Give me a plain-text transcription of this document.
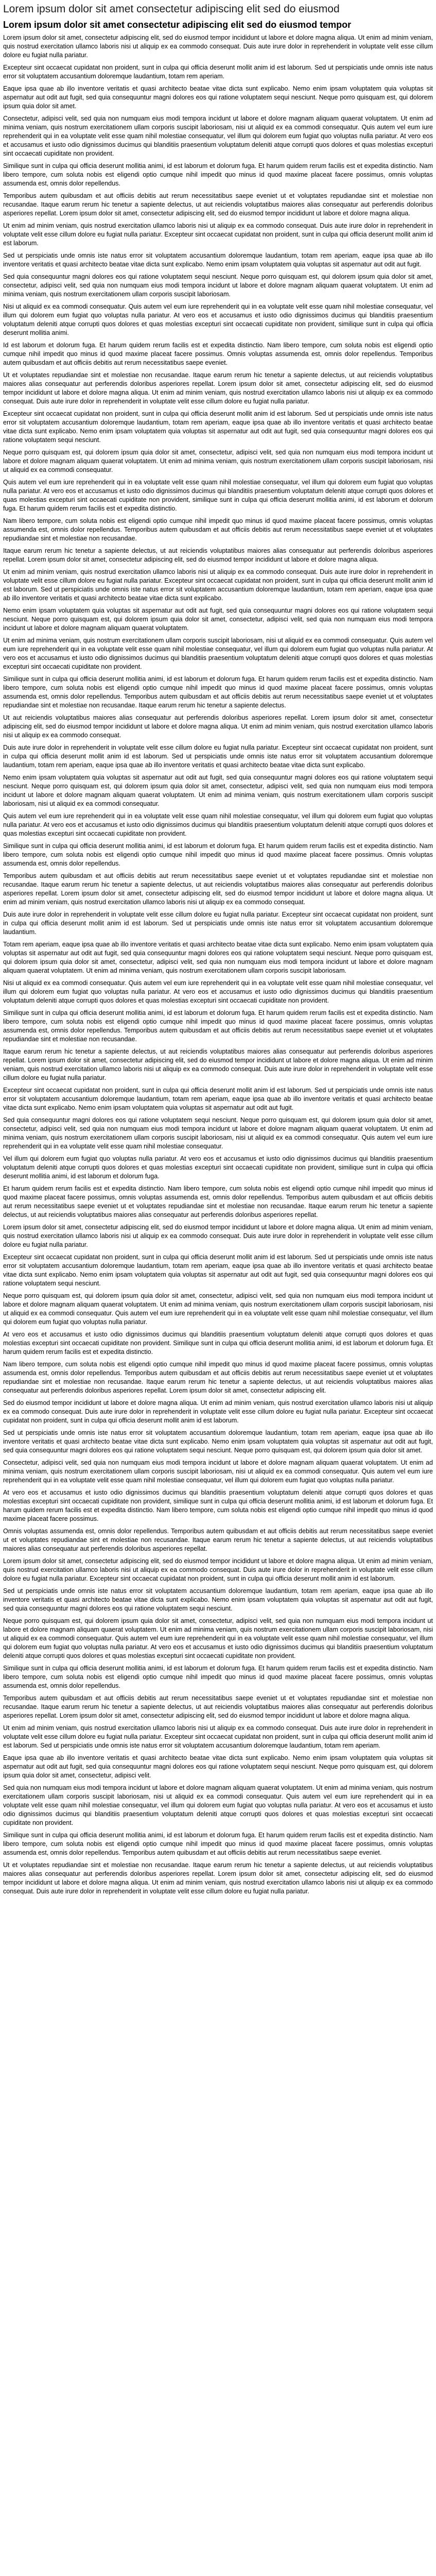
Lorem ipsum dolor sit amet consectetur adipiscing elit sed do eiusmod
Lorem ipsum dolor sit amet consectetur adipiscing elit sed do eiusmod tempor

Lorem ipsum dolor sit amet, consectetur adipiscing elit, sed do eiusmod tempor incididunt ut labore et dolore magna aliqua. Ut enim ad minim veniam, quis nostrud exercitation ullamco laboris nisi ut aliquip ex ea commodo consequat. Duis aute irure dolor in reprehenderit in voluptate velit esse cillum dolore eu fugiat nulla pariatur.

Excepteur sint occaecat cupidatat non proident, sunt in culpa qui officia deserunt mollit anim id est laborum. Sed ut perspiciatis unde omnis iste natus error sit voluptatem accusantium doloremque laudantium, totam rem aperiam.

Eaque ipsa quae ab illo inventore veritatis et quasi architecto beatae vitae dicta sunt explicabo. Nemo enim ipsam voluptatem quia voluptas sit aspernatur aut odit aut fugit, sed quia consequuntur magni dolores eos qui ratione voluptatem sequi nesciunt. Neque porro quisquam est, qui dolorem ipsum quia dolor sit amet.

Consectetur, adipisci velit, sed quia non numquam eius modi tempora incidunt ut labore et dolore magnam aliquam quaerat voluptatem. Ut enim ad minima veniam, quis nostrum exercitationem ullam corporis suscipit laboriosam, nisi ut aliquid ex ea commodi consequatur. Quis autem vel eum iure reprehenderit qui in ea voluptate velit esse quam nihil molestiae consequatur, vel illum qui dolorem eum fugiat quo voluptas nulla pariatur. At vero eos et accusamus et iusto odio dignissimos ducimus qui blanditiis praesentium voluptatum deleniti atque corrupti quos dolores et quas molestias excepturi sint occaecati cupiditate non provident.

Similique sunt in culpa qui officia deserunt mollitia animi, id est laborum et dolorum fuga. Et harum quidem rerum facilis est et expedita distinctio. Nam libero tempore, cum soluta nobis est eligendi optio cumque nihil impedit quo minus id quod maxime placeat facere possimus, omnis voluptas assumenda est, omnis dolor repellendus.

Temporibus autem quibusdam et aut officiis debitis aut rerum necessitatibus saepe eveniet ut et voluptates repudiandae sint et molestiae non recusandae. Itaque earum rerum hic tenetur a sapiente delectus, ut aut reiciendis voluptatibus maiores alias consequatur aut perferendis doloribus asperiores repellat. Lorem ipsum dolor sit amet, consectetur adipiscing elit, sed do eiusmod tempor incididunt ut labore et dolore magna aliqua.

Ut enim ad minim veniam, quis nostrud exercitation ullamco laboris nisi ut aliquip ex ea commodo consequat. Duis aute irure dolor in reprehenderit in voluptate velit esse cillum dolore eu fugiat nulla pariatur. Excepteur sint occaecat cupidatat non proident, sunt in culpa qui officia deserunt mollit anim id est laborum.

Sed ut perspiciatis unde omnis iste natus error sit voluptatem accusantium doloremque laudantium, totam rem aperiam, eaque ipsa quae ab illo inventore veritatis et quasi architecto beatae vitae dicta sunt explicabo. Nemo enim ipsam voluptatem quia voluptas sit aspernatur aut odit aut fugit.

Sed quia consequuntur magni dolores eos qui ratione voluptatem sequi nesciunt. Neque porro quisquam est, qui dolorem ipsum quia dolor sit amet, consectetur, adipisci velit, sed quia non numquam eius modi tempora incidunt ut labore et dolore magnam aliquam quaerat voluptatem. Ut enim ad minima veniam, quis nostrum exercitationem ullam corporis suscipit laboriosam.

Nisi ut aliquid ex ea commodi consequatur. Quis autem vel eum iure reprehenderit qui in ea voluptate velit esse quam nihil molestiae consequatur, vel illum qui dolorem eum fugiat quo voluptas nulla pariatur. At vero eos et accusamus et iusto odio dignissimos ducimus qui blanditiis praesentium voluptatum deleniti atque corrupti quos dolores et quas molestias excepturi sint occaecati cupiditate non provident, similique sunt in culpa qui officia deserunt mollitia animi.

Id est laborum et dolorum fuga. Et harum quidem rerum facilis est et expedita distinctio. Nam libero tempore, cum soluta nobis est eligendi optio cumque nihil impedit quo minus id quod maxime placeat facere possimus. Omnis voluptas assumenda est, omnis dolor repellendus. Temporibus autem quibusdam et aut officiis debitis aut rerum necessitatibus saepe eveniet.

Ut et voluptates repudiandae sint et molestiae non recusandae. Itaque earum rerum hic tenetur a sapiente delectus, ut aut reiciendis voluptatibus maiores alias consequatur aut perferendis doloribus asperiores repellat. Lorem ipsum dolor sit amet, consectetur adipiscing elit, sed do eiusmod tempor incididunt ut labore et dolore magna aliqua. Ut enim ad minim veniam, quis nostrud exercitation ullamco laboris nisi ut aliquip ex ea commodo consequat. Duis aute irure dolor in reprehenderit in voluptate velit esse cillum dolore eu fugiat nulla pariatur.

Excepteur sint occaecat cupidatat non proident, sunt in culpa qui officia deserunt mollit anim id est laborum. Sed ut perspiciatis unde omnis iste natus error sit voluptatem accusantium doloremque laudantium, totam rem aperiam, eaque ipsa quae ab illo inventore veritatis et quasi architecto beatae vitae dicta sunt explicabo. Nemo enim ipsam voluptatem quia voluptas sit aspernatur aut odit aut fugit, sed quia consequuntur magni dolores eos qui ratione voluptatem sequi nesciunt.

Neque porro quisquam est, qui dolorem ipsum quia dolor sit amet, consectetur, adipisci velit, sed quia non numquam eius modi tempora incidunt ut labore et dolore magnam aliquam quaerat voluptatem. Ut enim ad minima veniam, quis nostrum exercitationem ullam corporis suscipit laboriosam, nisi ut aliquid ex ea commodi consequatur.

Quis autem vel eum iure reprehenderit qui in ea voluptate velit esse quam nihil molestiae consequatur, vel illum qui dolorem eum fugiat quo voluptas nulla pariatur. At vero eos et accusamus et iusto odio dignissimos ducimus qui blanditiis praesentium voluptatum deleniti atque corrupti quos dolores et quas molestias excepturi sint occaecati cupiditate non provident, similique sunt in culpa qui officia deserunt mollitia animi, id est laborum et dolorum fuga. Et harum quidem rerum facilis est et expedita distinctio.

Nam libero tempore, cum soluta nobis est eligendi optio cumque nihil impedit quo minus id quod maxime placeat facere possimus, omnis voluptas assumenda est, omnis dolor repellendus. Temporibus autem quibusdam et aut officiis debitis aut rerum necessitatibus saepe eveniet ut et voluptates repudiandae sint et molestiae non recusandae.

Itaque earum rerum hic tenetur a sapiente delectus, ut aut reiciendis voluptatibus maiores alias consequatur aut perferendis doloribus asperiores repellat. Lorem ipsum dolor sit amet, consectetur adipiscing elit, sed do eiusmod tempor incididunt ut labore et dolore magna aliqua.

Ut enim ad minim veniam, quis nostrud exercitation ullamco laboris nisi ut aliquip ex ea commodo consequat. Duis aute irure dolor in reprehenderit in voluptate velit esse cillum dolore eu fugiat nulla pariatur. Excepteur sint occaecat cupidatat non proident, sunt in culpa qui officia deserunt mollit anim id est laborum. Sed ut perspiciatis unde omnis iste natus error sit voluptatem accusantium doloremque laudantium, totam rem aperiam, eaque ipsa quae ab illo inventore veritatis et quasi architecto beatae vitae dicta sunt explicabo.

Nemo enim ipsam voluptatem quia voluptas sit aspernatur aut odit aut fugit, sed quia consequuntur magni dolores eos qui ratione voluptatem sequi nesciunt. Neque porro quisquam est, qui dolorem ipsum quia dolor sit amet, consectetur, adipisci velit, sed quia non numquam eius modi tempora incidunt ut labore et dolore magnam aliquam quaerat voluptatem.

Ut enim ad minima veniam, quis nostrum exercitationem ullam corporis suscipit laboriosam, nisi ut aliquid ex ea commodi consequatur. Quis autem vel eum iure reprehenderit qui in ea voluptate velit esse quam nihil molestiae consequatur, vel illum qui dolorem eum fugiat quo voluptas nulla pariatur. At vero eos et accusamus et iusto odio dignissimos ducimus qui blanditiis praesentium voluptatum deleniti atque corrupti quos dolores et quas molestias excepturi sint occaecati cupiditate non provident.

Similique sunt in culpa qui officia deserunt mollitia animi, id est laborum et dolorum fuga. Et harum quidem rerum facilis est et expedita distinctio. Nam libero tempore, cum soluta nobis est eligendi optio cumque nihil impedit quo minus id quod maxime placeat facere possimus, omnis voluptas assumenda est, omnis dolor repellendus. Temporibus autem quibusdam et aut officiis debitis aut rerum necessitatibus saepe eveniet ut et voluptates repudiandae sint et molestiae non recusandae. Itaque earum rerum hic tenetur a sapiente delectus.

Ut aut reiciendis voluptatibus maiores alias consequatur aut perferendis doloribus asperiores repellat. Lorem ipsum dolor sit amet, consectetur adipiscing elit, sed do eiusmod tempor incididunt ut labore et dolore magna aliqua. Ut enim ad minim veniam, quis nostrud exercitation ullamco laboris nisi ut aliquip ex ea commodo consequat.

Duis aute irure dolor in reprehenderit in voluptate velit esse cillum dolore eu fugiat nulla pariatur. Excepteur sint occaecat cupidatat non proident, sunt in culpa qui officia deserunt mollit anim id est laborum. Sed ut perspiciatis unde omnis iste natus error sit voluptatem accusantium doloremque laudantium, totam rem aperiam, eaque ipsa quae ab illo inventore veritatis et quasi architecto beatae vitae dicta sunt explicabo.

Nemo enim ipsam voluptatem quia voluptas sit aspernatur aut odit aut fugit, sed quia consequuntur magni dolores eos qui ratione voluptatem sequi nesciunt. Neque porro quisquam est, qui dolorem ipsum quia dolor sit amet, consectetur, adipisci velit, sed quia non numquam eius modi tempora incidunt ut labore et dolore magnam aliquam quaerat voluptatem. Ut enim ad minima veniam, quis nostrum exercitationem ullam corporis suscipit laboriosam, nisi ut aliquid ex ea commodi consequatur.

Quis autem vel eum iure reprehenderit qui in ea voluptate velit esse quam nihil molestiae consequatur, vel illum qui dolorem eum fugiat quo voluptas nulla pariatur. At vero eos et accusamus et iusto odio dignissimos ducimus qui blanditiis praesentium voluptatum deleniti atque corrupti quos dolores et quas molestias excepturi sint occaecati cupiditate non provident.

Similique sunt in culpa qui officia deserunt mollitia animi, id est laborum et dolorum fuga. Et harum quidem rerum facilis est et expedita distinctio. Nam libero tempore, cum soluta nobis est eligendi optio cumque nihil impedit quo minus id quod maxime placeat facere possimus. Omnis voluptas assumenda est, omnis dolor repellendus.

Temporibus autem quibusdam et aut officiis debitis aut rerum necessitatibus saepe eveniet ut et voluptates repudiandae sint et molestiae non recusandae. Itaque earum rerum hic tenetur a sapiente delectus, ut aut reiciendis voluptatibus maiores alias consequatur aut perferendis doloribus asperiores repellat. Lorem ipsum dolor sit amet, consectetur adipiscing elit, sed do eiusmod tempor incididunt ut labore et dolore magna aliqua. Ut enim ad minim veniam, quis nostrud exercitation ullamco laboris nisi ut aliquip ex ea commodo consequat.

Duis aute irure dolor in reprehenderit in voluptate velit esse cillum dolore eu fugiat nulla pariatur. Excepteur sint occaecat cupidatat non proident, sunt in culpa qui officia deserunt mollit anim id est laborum. Sed ut perspiciatis unde omnis iste natus error sit voluptatem accusantium doloremque laudantium.

Totam rem aperiam, eaque ipsa quae ab illo inventore veritatis et quasi architecto beatae vitae dicta sunt explicabo. Nemo enim ipsam voluptatem quia voluptas sit aspernatur aut odit aut fugit, sed quia consequuntur magni dolores eos qui ratione voluptatem sequi nesciunt. Neque porro quisquam est, qui dolorem ipsum quia dolor sit amet, consectetur, adipisci velit, sed quia non numquam eius modi tempora incidunt ut labore et dolore magnam aliquam quaerat voluptatem. Ut enim ad minima veniam, quis nostrum exercitationem ullam corporis suscipit laboriosam.

Nisi ut aliquid ex ea commodi consequatur. Quis autem vel eum iure reprehenderit qui in ea voluptate velit esse quam nihil molestiae consequatur, vel illum qui dolorem eum fugiat quo voluptas nulla pariatur. At vero eos et accusamus et iusto odio dignissimos ducimus qui blanditiis praesentium voluptatum deleniti atque corrupti quos dolores et quas molestias excepturi sint occaecati cupiditate non provident.

Similique sunt in culpa qui officia deserunt mollitia animi, id est laborum et dolorum fuga. Et harum quidem rerum facilis est et expedita distinctio. Nam libero tempore, cum soluta nobis est eligendi optio cumque nihil impedit quo minus id quod maxime placeat facere possimus, omnis voluptas assumenda est, omnis dolor repellendus. Temporibus autem quibusdam et aut officiis debitis aut rerum necessitatibus saepe eveniet ut et voluptates repudiandae sint et molestiae non recusandae.

Itaque earum rerum hic tenetur a sapiente delectus, ut aut reiciendis voluptatibus maiores alias consequatur aut perferendis doloribus asperiores repellat. Lorem ipsum dolor sit amet, consectetur adipiscing elit, sed do eiusmod tempor incididunt ut labore et dolore magna aliqua. Ut enim ad minim veniam, quis nostrud exercitation ullamco laboris nisi ut aliquip ex ea commodo consequat. Duis aute irure dolor in reprehenderit in voluptate velit esse cillum dolore eu fugiat nulla pariatur.

Excepteur sint occaecat cupidatat non proident, sunt in culpa qui officia deserunt mollit anim id est laborum. Sed ut perspiciatis unde omnis iste natus error sit voluptatem accusantium doloremque laudantium, totam rem aperiam, eaque ipsa quae ab illo inventore veritatis et quasi architecto beatae vitae dicta sunt explicabo. Nemo enim ipsam voluptatem quia voluptas sit aspernatur aut odit aut fugit.

Sed quia consequuntur magni dolores eos qui ratione voluptatem sequi nesciunt. Neque porro quisquam est, qui dolorem ipsum quia dolor sit amet, consectetur, adipisci velit, sed quia non numquam eius modi tempora incidunt ut labore et dolore magnam aliquam quaerat voluptatem. Ut enim ad minima veniam, quis nostrum exercitationem ullam corporis suscipit laboriosam, nisi ut aliquid ex ea commodi consequatur. Quis autem vel eum iure reprehenderit qui in ea voluptate velit esse quam nihil molestiae consequatur.

Vel illum qui dolorem eum fugiat quo voluptas nulla pariatur. At vero eos et accusamus et iusto odio dignissimos ducimus qui blanditiis praesentium voluptatum deleniti atque corrupti quos dolores et quas molestias excepturi sint occaecati cupiditate non provident, similique sunt in culpa qui officia deserunt mollitia animi, id est laborum et dolorum fuga.

Et harum quidem rerum facilis est et expedita distinctio. Nam libero tempore, cum soluta nobis est eligendi optio cumque nihil impedit quo minus id quod maxime placeat facere possimus, omnis voluptas assumenda est, omnis dolor repellendus. Temporibus autem quibusdam et aut officiis debitis aut rerum necessitatibus saepe eveniet ut et voluptates repudiandae sint et molestiae non recusandae. Itaque earum rerum hic tenetur a sapiente delectus, ut aut reiciendis voluptatibus maiores alias consequatur aut perferendis doloribus asperiores repellat.

Lorem ipsum dolor sit amet, consectetur adipiscing elit, sed do eiusmod tempor incididunt ut labore et dolore magna aliqua. Ut enim ad minim veniam, quis nostrud exercitation ullamco laboris nisi ut aliquip ex ea commodo consequat. Duis aute irure dolor in reprehenderit in voluptate velit esse cillum dolore eu fugiat nulla pariatur.

Excepteur sint occaecat cupidatat non proident, sunt in culpa qui officia deserunt mollit anim id est laborum. Sed ut perspiciatis unde omnis iste natus error sit voluptatem accusantium doloremque laudantium, totam rem aperiam, eaque ipsa quae ab illo inventore veritatis et quasi architecto beatae vitae dicta sunt explicabo. Nemo enim ipsam voluptatem quia voluptas sit aspernatur aut odit aut fugit, sed quia consequuntur magni dolores eos qui ratione voluptatem sequi nesciunt.

Neque porro quisquam est, qui dolorem ipsum quia dolor sit amet, consectetur, adipisci velit, sed quia non numquam eius modi tempora incidunt ut labore et dolore magnam aliquam quaerat voluptatem. Ut enim ad minima veniam, quis nostrum exercitationem ullam corporis suscipit laboriosam, nisi ut aliquid ex ea commodi consequatur. Quis autem vel eum iure reprehenderit qui in ea voluptate velit esse quam nihil molestiae consequatur, vel illum qui dolorem eum fugiat quo voluptas nulla pariatur.

At vero eos et accusamus et iusto odio dignissimos ducimus qui blanditiis praesentium voluptatum deleniti atque corrupti quos dolores et quas molestias excepturi sint occaecati cupiditate non provident. Similique sunt in culpa qui officia deserunt mollitia animi, id est laborum et dolorum fuga. Et harum quidem rerum facilis est et expedita distinctio.

Nam libero tempore, cum soluta nobis est eligendi optio cumque nihil impedit quo minus id quod maxime placeat facere possimus, omnis voluptas assumenda est, omnis dolor repellendus. Temporibus autem quibusdam et aut officiis debitis aut rerum necessitatibus saepe eveniet ut et voluptates repudiandae sint et molestiae non recusandae. Itaque earum rerum hic tenetur a sapiente delectus, ut aut reiciendis voluptatibus maiores alias consequatur aut perferendis doloribus asperiores repellat. Lorem ipsum dolor sit amet, consectetur adipiscing elit.

Sed do eiusmod tempor incididunt ut labore et dolore magna aliqua. Ut enim ad minim veniam, quis nostrud exercitation ullamco laboris nisi ut aliquip ex ea commodo consequat. Duis aute irure dolor in reprehenderit in voluptate velit esse cillum dolore eu fugiat nulla pariatur. Excepteur sint occaecat cupidatat non proident, sunt in culpa qui officia deserunt mollit anim id est laborum.

Sed ut perspiciatis unde omnis iste natus error sit voluptatem accusantium doloremque laudantium, totam rem aperiam, eaque ipsa quae ab illo inventore veritatis et quasi architecto beatae vitae dicta sunt explicabo. Nemo enim ipsam voluptatem quia voluptas sit aspernatur aut odit aut fugit, sed quia consequuntur magni dolores eos qui ratione voluptatem sequi nesciunt. Neque porro quisquam est, qui dolorem ipsum quia dolor sit amet.

Consectetur, adipisci velit, sed quia non numquam eius modi tempora incidunt ut labore et dolore magnam aliquam quaerat voluptatem. Ut enim ad minima veniam, quis nostrum exercitationem ullam corporis suscipit laboriosam, nisi ut aliquid ex ea commodi consequatur. Quis autem vel eum iure reprehenderit qui in ea voluptate velit esse quam nihil molestiae consequatur, vel illum qui dolorem eum fugiat quo voluptas nulla pariatur.

At vero eos et accusamus et iusto odio dignissimos ducimus qui blanditiis praesentium voluptatum deleniti atque corrupti quos dolores et quas molestias excepturi sint occaecati cupiditate non provident, similique sunt in culpa qui officia deserunt mollitia animi, id est laborum et dolorum fuga. Et harum quidem rerum facilis est et expedita distinctio. Nam libero tempore, cum soluta nobis est eligendi optio cumque nihil impedit quo minus id quod maxime placeat facere possimus.

Omnis voluptas assumenda est, omnis dolor repellendus. Temporibus autem quibusdam et aut officiis debitis aut rerum necessitatibus saepe eveniet ut et voluptates repudiandae sint et molestiae non recusandae. Itaque earum rerum hic tenetur a sapiente delectus, ut aut reiciendis voluptatibus maiores alias consequatur aut perferendis doloribus asperiores repellat.

Lorem ipsum dolor sit amet, consectetur adipiscing elit, sed do eiusmod tempor incididunt ut labore et dolore magna aliqua. Ut enim ad minim veniam, quis nostrud exercitation ullamco laboris nisi ut aliquip ex ea commodo consequat. Duis aute irure dolor in reprehenderit in voluptate velit esse cillum dolore eu fugiat nulla pariatur. Excepteur sint occaecat cupidatat non proident, sunt in culpa qui officia deserunt mollit anim id est laborum.

Sed ut perspiciatis unde omnis iste natus error sit voluptatem accusantium doloremque laudantium, totam rem aperiam, eaque ipsa quae ab illo inventore veritatis et quasi architecto beatae vitae dicta sunt explicabo. Nemo enim ipsam voluptatem quia voluptas sit aspernatur aut odit aut fugit, sed quia consequuntur magni dolores eos qui ratione voluptatem sequi nesciunt.

Neque porro quisquam est, qui dolorem ipsum quia dolor sit amet, consectetur, adipisci velit, sed quia non numquam eius modi tempora incidunt ut labore et dolore magnam aliquam quaerat voluptatem. Ut enim ad minima veniam, quis nostrum exercitationem ullam corporis suscipit laboriosam, nisi ut aliquid ex ea commodi consequatur. Quis autem vel eum iure reprehenderit qui in ea voluptate velit esse quam nihil molestiae consequatur, vel illum qui dolorem eum fugiat quo voluptas nulla pariatur. At vero eos et accusamus et iusto odio dignissimos ducimus qui blanditiis praesentium voluptatum deleniti atque corrupti quos dolores et quas molestias excepturi sint occaecati cupiditate non provident.

Similique sunt in culpa qui officia deserunt mollitia animi, id est laborum et dolorum fuga. Et harum quidem rerum facilis est et expedita distinctio. Nam libero tempore, cum soluta nobis est eligendi optio cumque nihil impedit quo minus id quod maxime placeat facere possimus, omnis voluptas assumenda est, omnis dolor repellendus.

Temporibus autem quibusdam et aut officiis debitis aut rerum necessitatibus saepe eveniet ut et voluptates repudiandae sint et molestiae non recusandae. Itaque earum rerum hic tenetur a sapiente delectus, ut aut reiciendis voluptatibus maiores alias consequatur aut perferendis doloribus asperiores repellat. Lorem ipsum dolor sit amet, consectetur adipiscing elit, sed do eiusmod tempor incididunt ut labore et dolore magna aliqua.

Ut enim ad minim veniam, quis nostrud exercitation ullamco laboris nisi ut aliquip ex ea commodo consequat. Duis aute irure dolor in reprehenderit in voluptate velit esse cillum dolore eu fugiat nulla pariatur. Excepteur sint occaecat cupidatat non proident, sunt in culpa qui officia deserunt mollit anim id est laborum. Sed ut perspiciatis unde omnis iste natus error sit voluptatem accusantium doloremque laudantium, totam rem aperiam.

Eaque ipsa quae ab illo inventore veritatis et quasi architecto beatae vitae dicta sunt explicabo. Nemo enim ipsam voluptatem quia voluptas sit aspernatur aut odit aut fugit, sed quia consequuntur magni dolores eos qui ratione voluptatem sequi nesciunt. Neque porro quisquam est, qui dolorem ipsum quia dolor sit amet, consectetur, adipisci velit.

Sed quia non numquam eius modi tempora incidunt ut labore et dolore magnam aliquam quaerat voluptatem. Ut enim ad minima veniam, quis nostrum exercitationem ullam corporis suscipit laboriosam, nisi ut aliquid ex ea commodi consequatur. Quis autem vel eum iure reprehenderit qui in ea voluptate velit esse quam nihil molestiae consequatur, vel illum qui dolorem eum fugiat quo voluptas nulla pariatur. At vero eos et accusamus et iusto odio dignissimos ducimus qui blanditiis praesentium voluptatum deleniti atque corrupti quos dolores et quas molestias excepturi sint occaecati cupiditate non provident.

Similique sunt in culpa qui officia deserunt mollitia animi, id est laborum et dolorum fuga. Et harum quidem rerum facilis est et expedita distinctio. Nam libero tempore, cum soluta nobis est eligendi optio cumque nihil impedit quo minus id quod maxime placeat facere possimus, omnis voluptas assumenda est, omnis dolor repellendus. Temporibus autem quibusdam et aut officiis debitis aut rerum necessitatibus saepe eveniet.

Ut et voluptates repudiandae sint et molestiae non recusandae. Itaque earum rerum hic tenetur a sapiente delectus, ut aut reiciendis voluptatibus maiores alias consequatur aut perferendis doloribus asperiores repellat. Lorem ipsum dolor sit amet, consectetur adipiscing elit, sed do eiusmod tempor incididunt ut labore et dolore magna aliqua. Ut enim ad minim veniam, quis nostrud exercitation ullamco laboris nisi ut aliquip ex ea commodo consequat. Duis aute irure dolor in reprehenderit in voluptate velit esse cillum dolore eu fugiat nulla pariatur.
